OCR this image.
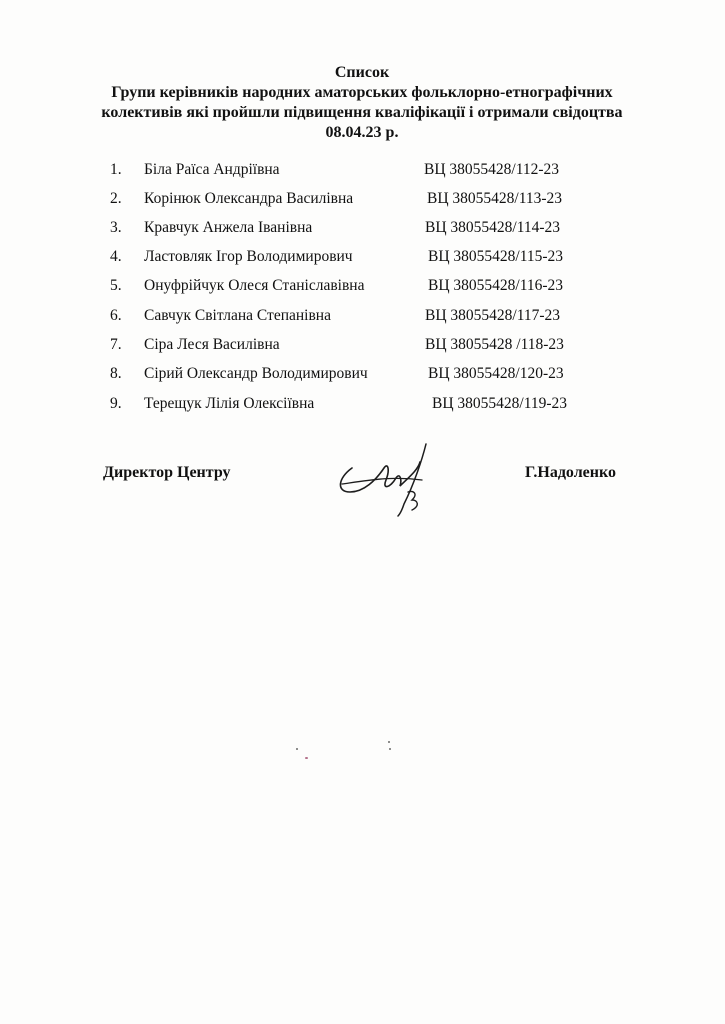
Список
Групи керівників народних аматорських фольклорно-етнографічних
колективів які пройшли підвищення кваліфікації і отримали свідоцтва
08.04.23 р.
1.	Біла Раїса Андріївна	ВЦ 38055428/112-23
2.	Корінюк Олександра Василівна	ВЦ 38055428/113-23
3.	Кравчук Анжела Іванівна	ВЦ 38055428/114-23
4.	Ластовляк Ігор Володимирович	ВЦ 38055428/115-23
5.	Онуфрійчук Олеся Станіславівна	ВЦ 38055428/116-23
6.	Савчук Світлана Степанівна	ВЦ 38055428/117-23
7.	Сіра Леся Василівна	ВЦ 38055428 /118-23
8.	Сірий Олександр Володимирович	ВЦ 38055428/120-23
9.	Терещук Лілія Олексіївна	ВЦ 38055428/119-23
Директор Центру	Г.Надоленко
